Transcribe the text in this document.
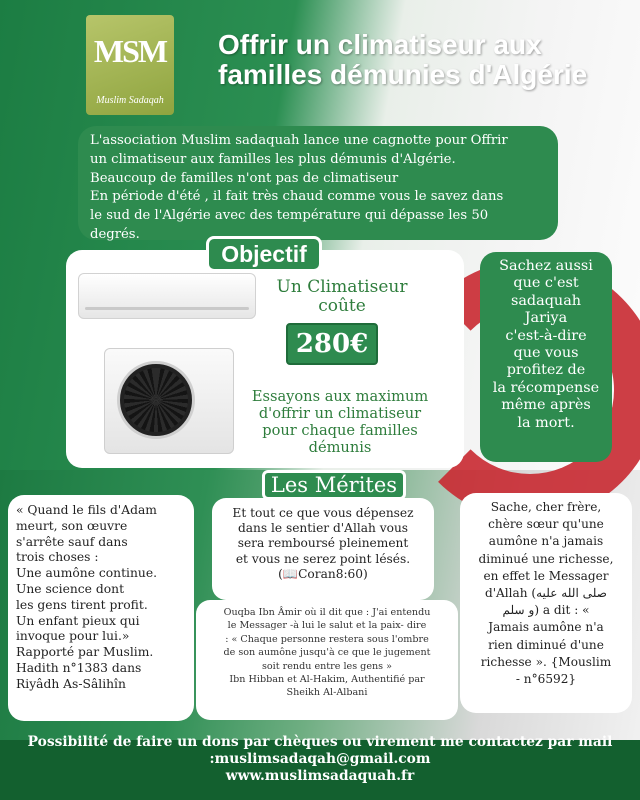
MSM
Muslim Sadaqah
Offrir un climatiseur aux
familles démunies d'Algérie

L'association Muslim sadaquah lance une cagnotte pour Offrir

un climatiseur aux familles les plus démunis d'Algérie.

Beaucoup de familles n'ont pas de climatiseur

En période d'été , il fait très chaud comme vous le savez dans

le sud de l'Algérie avec des température qui dépasse les 50

degrés.

Objectif
Un Climatiseur
coûte
280€
Essayons aux maximum
d'offrir un climatiseur
pour chaque familles
démunis
Sachez aussi
que c'est
sadaquah
Jariya
c'est-à-dire
que vous
profitez de
la récompense
même après
la mort.
Les Mérites
« Quand le fils d'Adam
meurt, son œuvre
s'arrête sauf dans
trois choses :
Une aumône continue.
Une science dont
les gens tirent profit.
Un enfant pieux qui
invoque pour lui.»
Rapporté par Muslim.
Hadith n°1383 dans
Riyâdh As-Sâlihîn
Et tout ce que vous dépensez
dans le sentier d'Allah vous
sera remboursé pleinement
et vous ne serez point lésés.
(📖Coran8:60)
Ouqba Ibn Âmir où il dit que : J'ai entendu
le Messager -à lui le salut et la paix- dire
: « Chaque personne restera sous l'ombre
de son aumône jusqu'à ce que le jugement
soit rendu entre les gens »
Ibn Hibban et Al-Hakim, Authentifié par
Sheikh Al-Albani
Sache, cher frère,
chère sœur qu'une
aumône n'a jamais
diminué une richesse,
en effet le Messager
d'Allah (صلى الله عليه
و سلم) a dit : «
Jamais aumône n'a
rien diminué d'une
richesse ». {Mouslim
- n°6592}
Possibilité de faire un dons par chèques ou virement me contactez par mail
:muslimsadaqah@gmail.com
www.muslimsadaquah.fr
